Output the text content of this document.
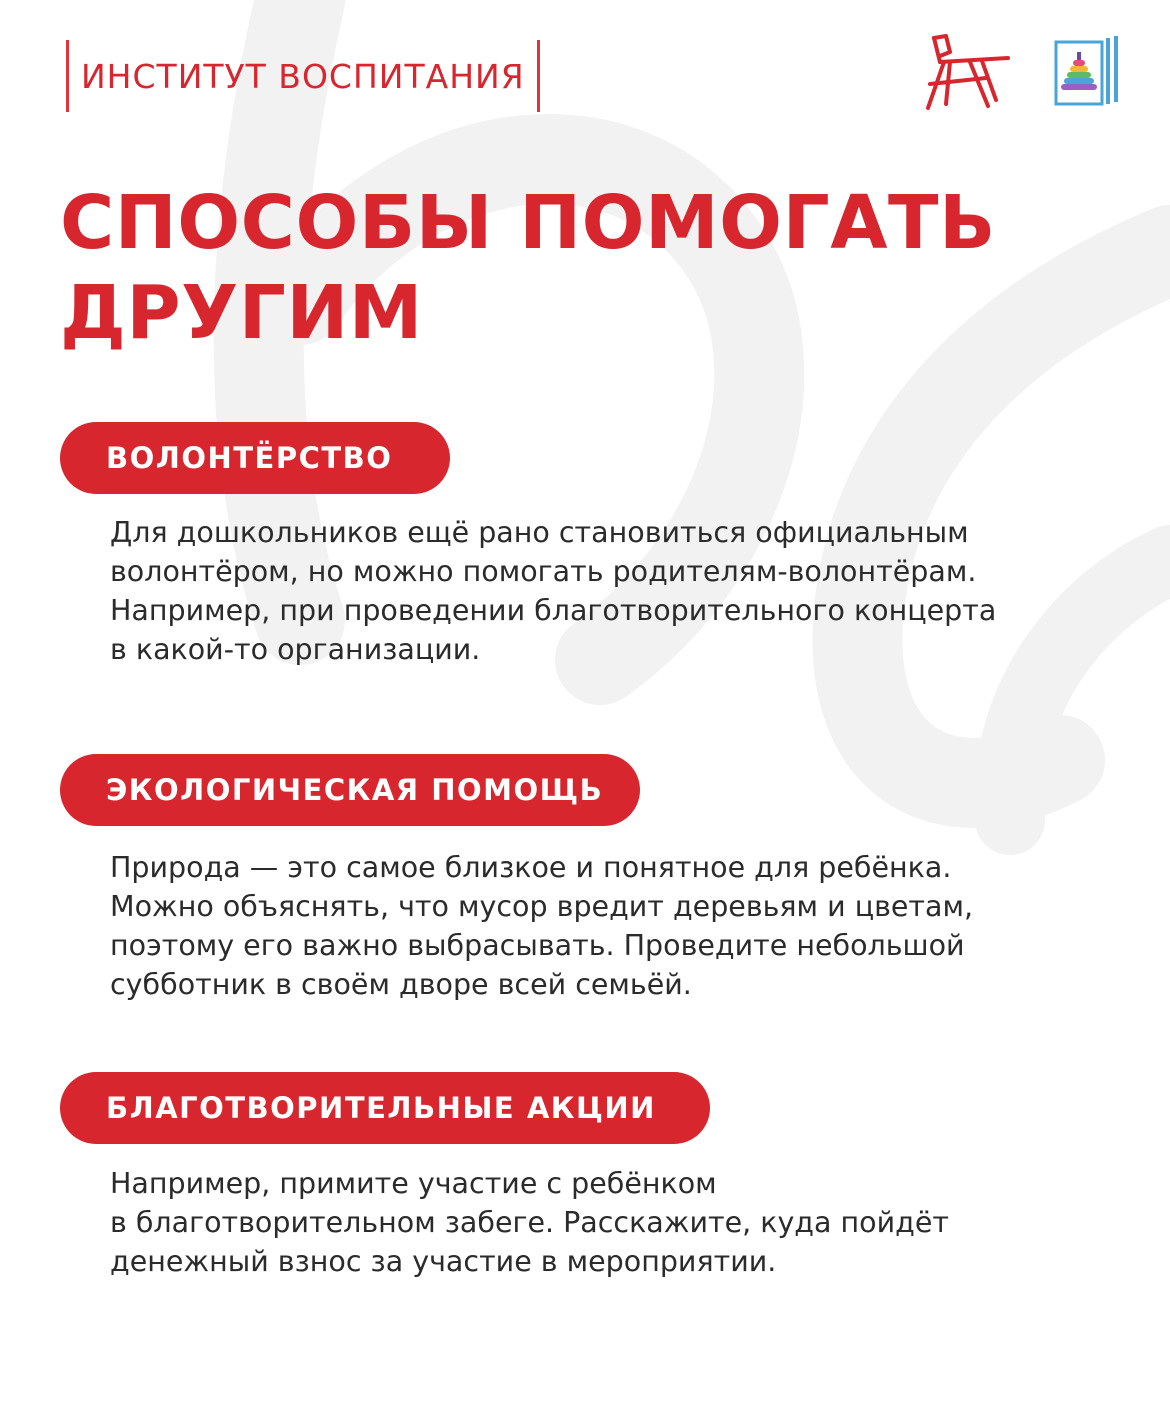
ИНСТИТУТ ВОСПИТАНИЯ
СПОСОБЫ ПОМОГАТЬ
ДРУГИМ
ВОЛОНТЁРСТВО
Для дошкольников ещё рано становиться официальным
волонтёром, но можно помогать родителям-волонтёрам.
Например, при проведении благотворительного концерта
в какой-то организации.
ЭКОЛОГИЧЕСКАЯ ПОМОЩЬ
Природа — это самое близкое и понятное для ребёнка.
Можно объяснять, что мусор вредит деревьям и цветам,
поэтому его важно выбрасывать. Проведите небольшой
субботник в своём дворе всей семьёй.
БЛАГОТВОРИТЕЛЬНЫЕ АКЦИИ
Например, примите участие с ребёнком
в благотворительном забеге. Расскажите, куда пойдёт
денежный взнос за участие в мероприятии.
